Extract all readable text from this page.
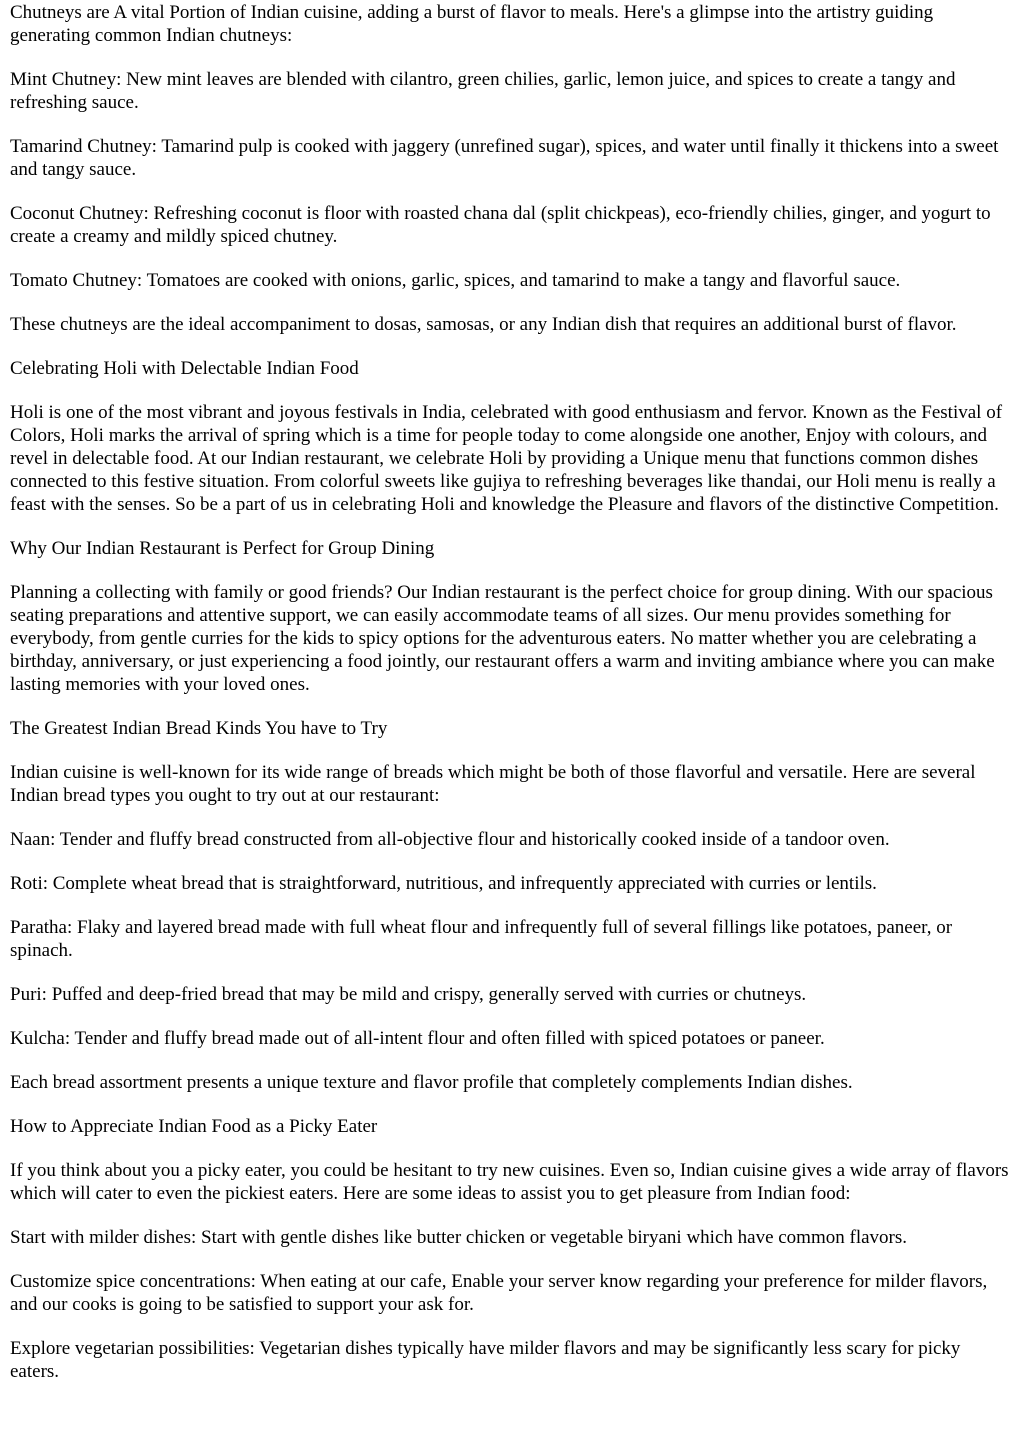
Chutneys are A vital Portion of Indian cuisine, adding a burst of flavor to meals. Here's a glimpse into the artistry guiding generating common Indian chutneys:

Mint Chutney: New mint leaves are blended with cilantro, green chilies, garlic, lemon juice, and spices to create a tangy and refreshing sauce.

Tamarind Chutney: Tamarind pulp is cooked with jaggery (unrefined sugar), spices, and water until finally it thickens into a sweet and tangy sauce.

Coconut Chutney: Refreshing coconut is floor with roasted chana dal (split chickpeas), eco-friendly chilies, ginger, and yogurt to create a creamy and mildly spiced chutney.

Tomato Chutney: Tomatoes are cooked with onions, garlic, spices, and tamarind to make a tangy and flavorful sauce.

These chutneys are the ideal accompaniment to dosas, samosas, or any Indian dish that requires an additional burst of flavor.

Celebrating Holi with Delectable Indian Food

Holi is one of the most vibrant and joyous festivals in India, celebrated with good enthusiasm and fervor. Known as the Festival of Colors, Holi marks the arrival of spring which is a time for people today to come alongside one another, Enjoy with colours, and revel in delectable food. At our Indian restaurant, we celebrate Holi by providing a Unique menu that functions common dishes connected to this festive situation. From colorful sweets like gujiya to refreshing beverages like thandai, our Holi menu is really a feast with the senses. So be a part of us in celebrating Holi and knowledge the Pleasure and flavors of the distinctive Competition.

Why Our Indian Restaurant is Perfect for Group Dining

Planning a collecting with family or good friends? Our Indian restaurant is the perfect choice for group dining. With our spacious seating preparations and attentive support, we can easily accommodate teams of all sizes. Our menu provides something for everybody, from gentle curries for the kids to spicy options for the adventurous eaters. No matter whether you are celebrating a birthday, anniversary, or just experiencing a food jointly, our restaurant offers a warm and inviting ambiance where you can make lasting memories with your loved ones.

The Greatest Indian Bread Kinds You have to Try

Indian cuisine is well-known for its wide range of breads which might be both of those flavorful and versatile. Here are several Indian bread types you ought to try out at our restaurant:

Naan: Tender and fluffy bread constructed from all-objective flour and historically cooked inside of a tandoor oven.

Roti: Complete wheat bread that is straightforward, nutritious, and infrequently appreciated with curries or lentils.

Paratha: Flaky and layered bread made with full wheat flour and infrequently full of several fillings like potatoes, paneer, or spinach.

Puri: Puffed and deep-fried bread that may be mild and crispy, generally served with curries or chutneys.

Kulcha: Tender and fluffy bread made out of all-intent flour and often filled with spiced potatoes or paneer.

Each bread assortment presents a unique texture and flavor profile that completely complements Indian dishes.

How to Appreciate Indian Food as a Picky Eater

If you think about you a picky eater, you could be hesitant to try new cuisines. Even so, Indian cuisine gives a wide array of flavors which will cater to even the pickiest eaters. Here are some ideas to assist you to get pleasure from Indian food:

Start with milder dishes: Start with gentle dishes like butter chicken or vegetable biryani which have common flavors.

Customize spice concentrations: When eating at our cafe, Enable your server know regarding your preference for milder flavors, and our cooks is going to be satisfied to support your ask for.

Explore vegetarian possibilities: Vegetarian dishes typically have milder flavors and may be significantly less scary for picky eaters.
